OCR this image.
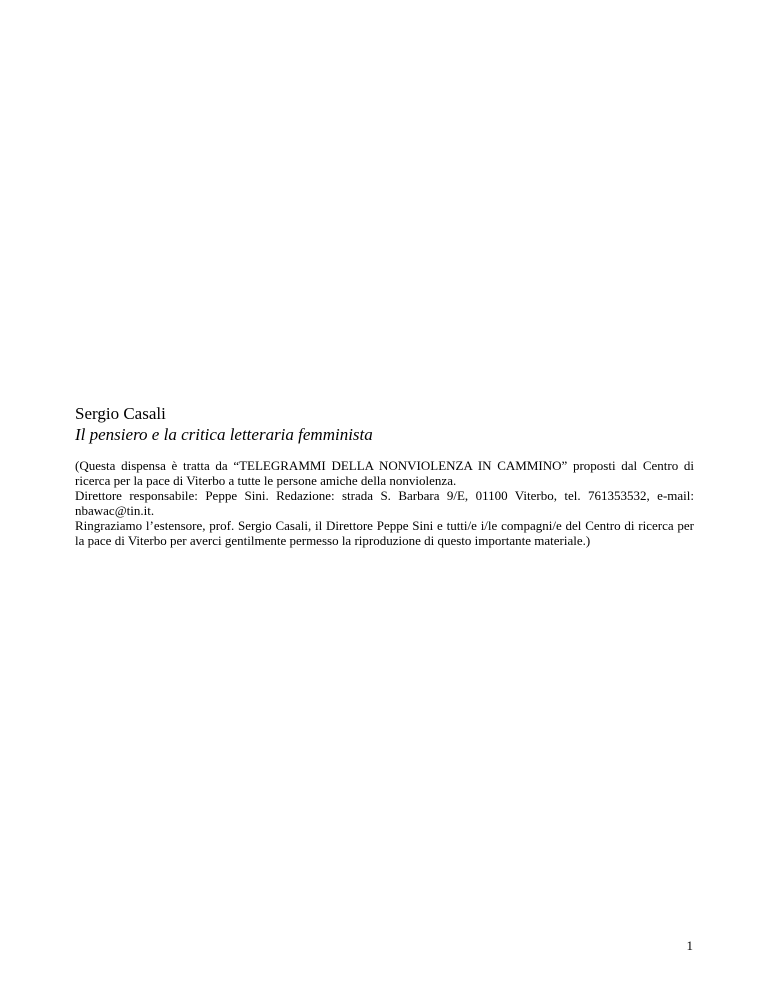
Sergio Casali
Il pensiero e la critica letteraria femminista

(Questa dispensa è tratta da “TELEGRAMMI DELLA NONVIOLENZA IN CAMMINO” proposti dal Centro di ricerca per la pace di Viterbo a tutte le persone amiche della nonviolenza.

Direttore responsabile: Peppe Sini. Redazione: strada S. Barbara 9/E, 01100 Viterbo, tel. 761353532, e-mail: nbawac@tin.it.

Ringraziamo l’estensore, prof. Sergio Casali, il Direttore Peppe Sini e tutti/e i/le compagni/e del Centro di ricerca per la pace di Viterbo per averci gentilmente permesso la riproduzione di questo importante materiale.)

1
